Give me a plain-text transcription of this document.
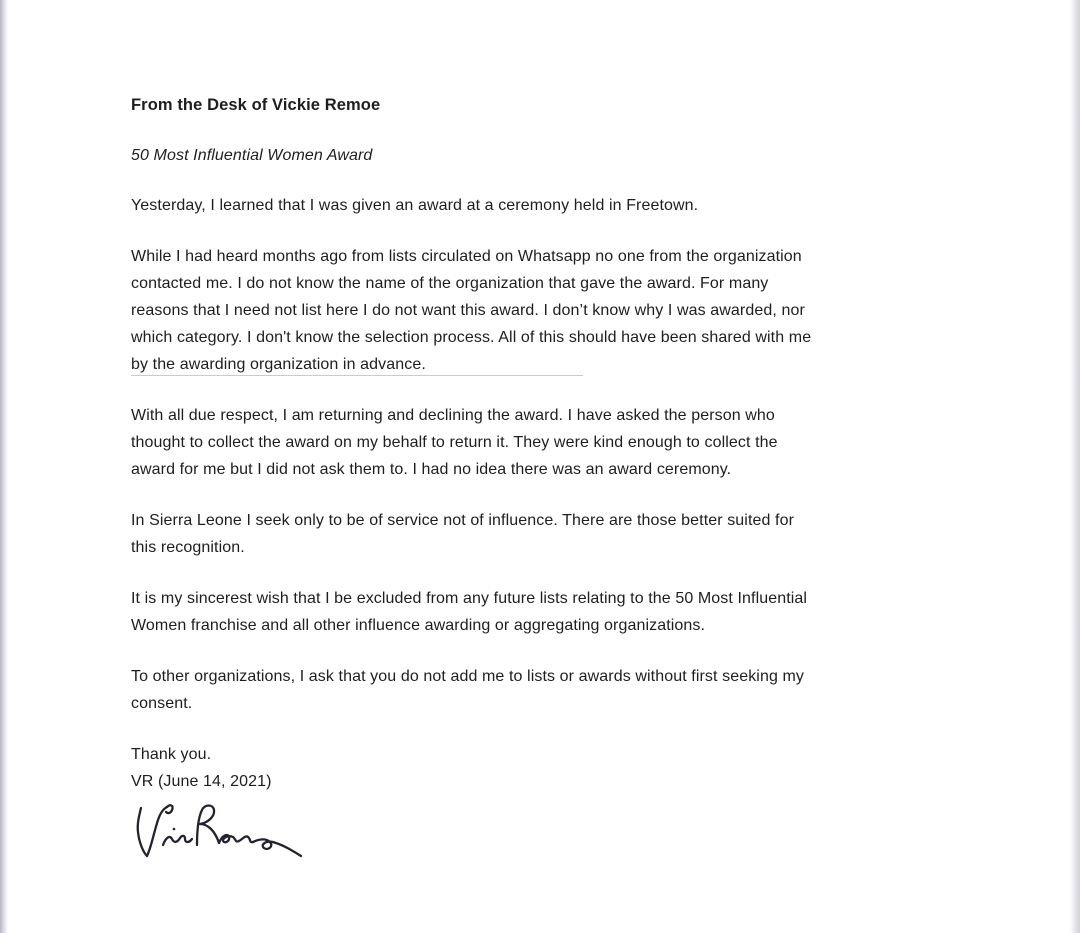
From the Desk of Vickie Remoe

50 Most Influential Women Award

Yesterday, I learned that I was given an award at a ceremony held in Freetown.
While I had heard months ago from lists circulated on Whatsapp no one from the organization
contacted me. I do not know the name of the organization that gave the award. For many
reasons that I need not list here I do not want this award. I don’t know why I was awarded, nor
which category. I don't know the selection process. All of this should have been shared with me
by the awarding organization in advance.
With all due respect, I am returning and declining the award. I have asked the person who
thought to collect the award on my behalf to return it. They were kind enough to collect the
award for me but I did not ask them to. I had no idea there was an award ceremony.
In Sierra Leone I seek only to be of service not of influence. There are those better suited for
this recognition.
It is my sincerest wish that I be excluded from any future lists relating to the 50 Most Influential
Women franchise and all other influence awarding or aggregating organizations.
To other organizations, I ask that you do not add me to lists or awards without first seeking my
consent.
Thank you.
VR (June 14, 2021)
